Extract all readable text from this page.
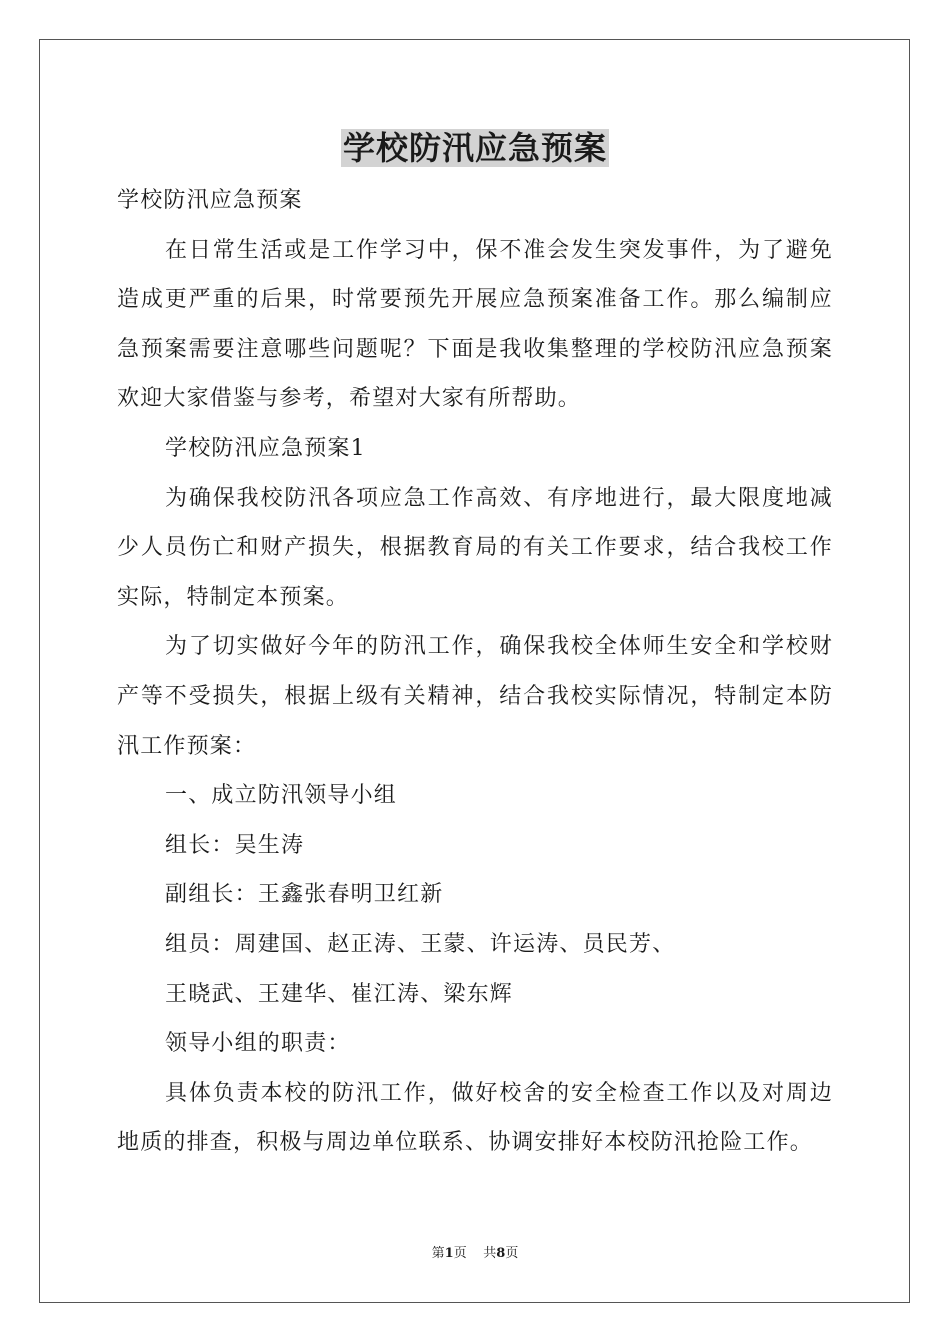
学校防汛应急预案

学校防汛应急预案

在日常生活或是工作学习中，保不准会发生突发事件，为了避免造成更严重的后果，时常要预先开展应急预案准备工作。那么编制应急预案需要注意哪些问题呢？下面是我收集整理的学校防汛应急预案欢迎大家借鉴与参考，希望对大家有所帮助。

学校防汛应急预案1

为确保我校防汛各项应急工作高效、有序地进行，最大限度地减少人员伤亡和财产损失，根据教育局的有关工作要求，结合我校工作实际，特制定本预案。

为了切实做好今年的防汛工作，确保我校全体师生安全和学校财产等不受损失，根据上级有关精神，结合我校实际情况，特制定本防汛工作预案：

一、成立防汛领导小组

组长：吴生涛

副组长：王鑫张春明卫红新

组员：周建国、赵正涛、王蒙、许运涛、员民芳、

王晓武、王建华、崔江涛、梁东辉

领导小组的职责：

具体负责本校的防汛工作，做好校舍的安全检查工作以及对周边地质的排查，积极与周边单位联系、协调安排好本校防汛抢险工作。

第1页 共8页
